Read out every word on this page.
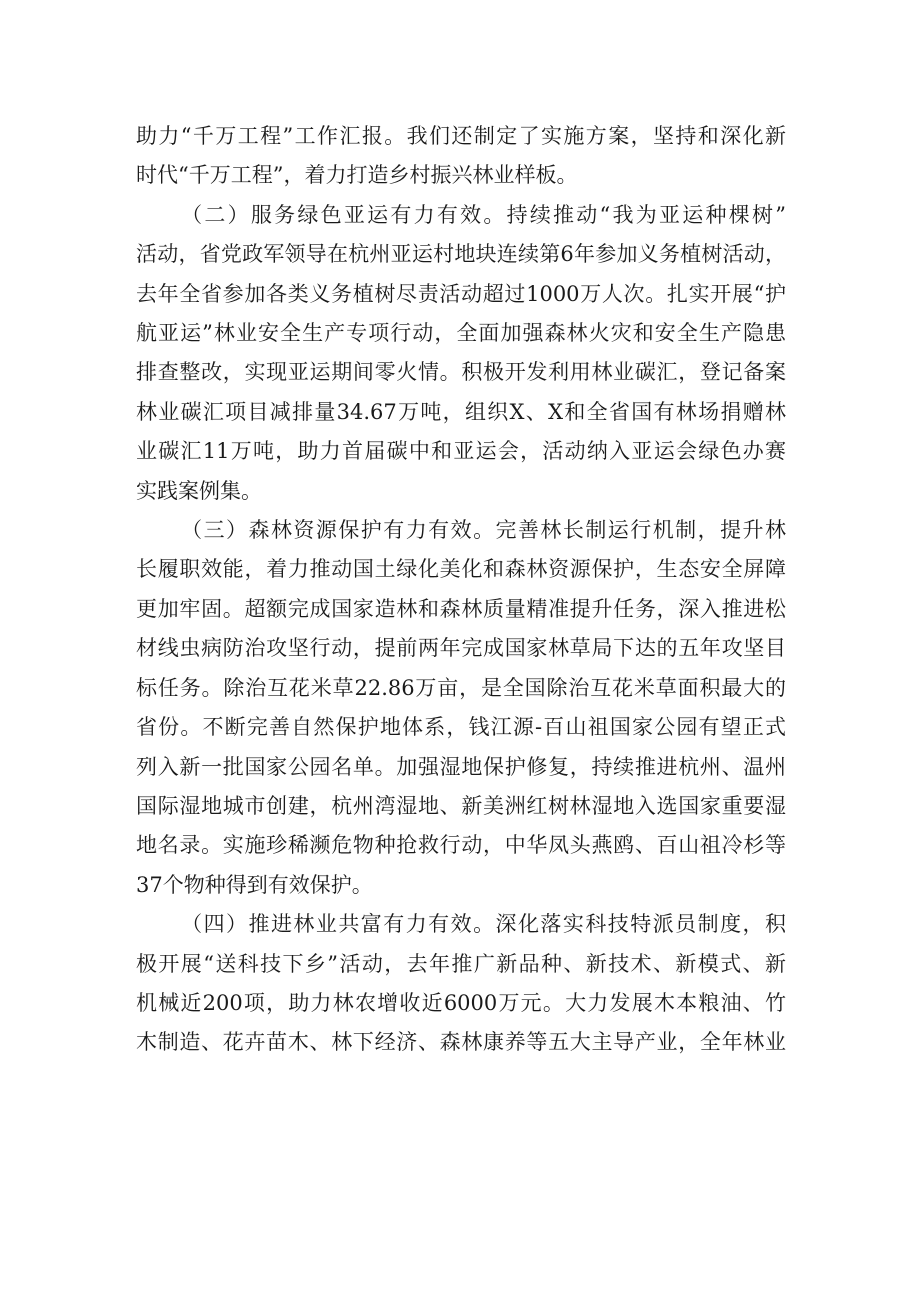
助力“千万工程”工作汇报。我们还制定了实施方案，坚持和深化新
时代“千万工程”，着力打造乡村振兴林业样板。
（二）服务绿色亚运有力有效。持续推动“我为亚运种棵树”
活动，省党政军领导在杭州亚运村地块连续第6年参加义务植树活动，
去年全省参加各类义务植树尽责活动超过1000万人次。扎实开展“护
航亚运”林业安全生产专项行动，全面加强森林火灾和安全生产隐患
排查整改，实现亚运期间零火情。积极开发利用林业碳汇，登记备案
林业碳汇项目减排量34.67万吨，组织X、X和全省国有林场捐赠林
业碳汇11万吨，助力首届碳中和亚运会，活动纳入亚运会绿色办赛
实践案例集。
（三）森林资源保护有力有效。完善林长制运行机制，提升林
长履职效能，着力推动国土绿化美化和森林资源保护，生态安全屏障
更加牢固。超额完成国家造林和森林质量精准提升任务，深入推进松
材线虫病防治攻坚行动，提前两年完成国家林草局下达的五年攻坚目
标任务。除治互花米草22.86万亩，是全国除治互花米草面积最大的
省份。不断完善自然保护地体系，钱江源-百山祖国家公园有望正式
列入新一批国家公园名单。加强湿地保护修复，持续推进杭州、温州
国际湿地城市创建，杭州湾湿地、新美洲红树林湿地入选国家重要湿
地名录。实施珍稀濒危物种抢救行动，中华凤头燕鸥、百山祖冷杉等
37个物种得到有效保护。
（四）推进林业共富有力有效。深化落实科技特派员制度，积
极开展“送科技下乡”活动，去年推广新品种、新技术、新模式、新
机械近200项，助力林农增收近6000万元。大力发展木本粮油、竹
木制造、花卉苗木、林下经济、森林康养等五大主导产业，全年林业
